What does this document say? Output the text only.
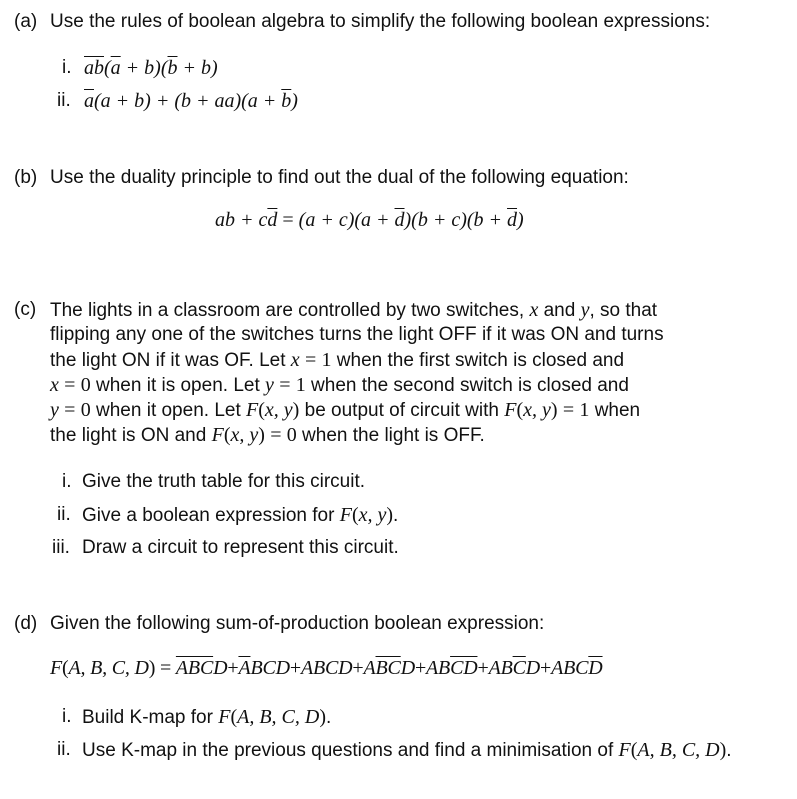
(a) Use the rules of boolean algebra to simplify the following boolean expressions:
i. $\overline{ab}(\overline{a} + b)(\overline{b} + b)$
ii. $\overline{a}(a + b) + (b + aa)(a + \overline{b})$
(b) Use the duality principle to find out the dual of the following equation:
ab + $c\overline{d} = (a + c)(a + \overline{d})(b + c)(b + \overline{d})$
(c) The lights in a classroom are controlled by two switches, x and y, so that
flipping any one of the switches turns the light OFF if it was ON and turns
the light ON if it was OF. Let x = 1 when the first switch is closed and
x = 0 when it is open. Let y = 1 when the second switch is closed and
y = 0 when it open. Let F(x, y) be output of circuit with F(x, y) = 1 when
the light is ON and F(x, y) = 0 when the light is OFF.
i. Give the truth table for this circuit.
ii. Give a boolean expression for F(x, y).
iii. Draw a circuit to represent this circuit.
(d) Given the following sum-of-production boolean expression:
F(A, B, C, $D) = \overline{ABC}D+\overline{A}BCD+ABCD+A\overline{BC}D+AB\overline{CD}+AB\overline{C}D+ABC\overline{D}$
i. Build K-map for F(A, B, C, D).
ii. Use K-map in the previous questions and find a minimisation of F(A, B, C, D).
